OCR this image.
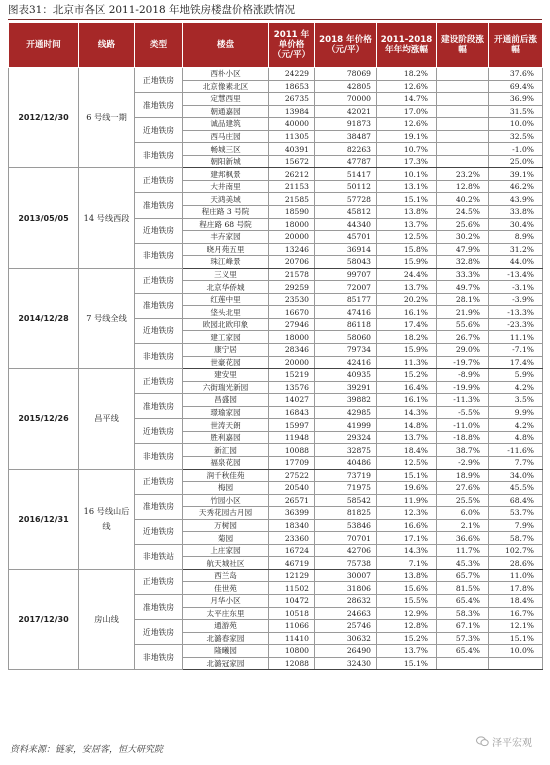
图表31：北京市各区 2011-2018 年地铁房楼盘价格涨跌情况
开通时间	线路	类型	楼盘	2011 年单价格（元/平）	2018 年价格（元/平）	2011-2018 年年均涨幅	建设阶段涨幅	开通前后涨幅
2012/12/30	6 号线一期	正地铁房	西朴小区	24229	78069	18.2%		37.6%
			北京像素北区	18653	42805	12.6%		69.4%
		准地铁房	定慧西里	26735	70000	14.7%		36.9%
			朝通嘉园	13984	42021	17.0%		31.5%
		近地铁房	诚品建筑	40000	91873	12.6%		10.0%
			西马庄园	11305	38487	19.1%		32.5%
		非地铁房	畅城三区	40391	82263	10.7%		-1.0%
			朝阳新城	15672	47787	17.3%		25.0%
2013/05/05	14 号线西段	正地铁房	建邦枫景	26212	51417	10.1%	23.2%	39.1%
			大井南里	21153	50112	13.1%	12.8%	46.2%
		准地铁房	天鸿美域	21585	57728	15.1%	40.2%	43.9%
			程庄路 3 号院	18590	45812	13.8%	24.5%	33.8%
		近地铁房	程庄路 68 号院	18000	44340	13.7%	25.6%	30.4%
			丰卉家园	20000	45701	12.5%	30.2%	8.9%
		非地铁房	晓月苑五里	13246	36914	15.8%	47.9%	31.2%
			珠江峰景	20706	58043	15.9%	32.8%	44.0%
2014/12/28	7 号线全线	正地铁房	三义里	21578	99707	24.4%	33.3%	-13.4%
			北京华侨城	29259	72007	13.7%	49.7%	-3.1%
		准地铁房	红莲中里	23530	85177	20.2%	28.1%	-3.9%
			垡头北里	16670	47416	16.1%	21.9%	-13.3%
		近地铁房	欧园北欧印象	27946	86118	17.4%	55.6%	-23.3%
			建工家园	18000	58060	18.2%	26.7%	11.1%
		非地铁房	康宁居	28346	79734	15.9%	29.0%	-7.1%
			世豪花园	20000	42416	11.3%	-19.7%	17.4%
2015/12/26	昌平线	正地铁房	建安里	15219	40935	15.2%	-8.9%	5.9%
			六街瑞光新园	13576	39291	16.4%	-19.9%	4.2%
		准地铁房	昌盛园	14027	39882	16.1%	-11.3%	3.5%
			璟瑜家园	16843	42985	14.3%	-5.5%	9.9%
		近地铁房	世涛天朗	15997	41999	14.8%	-11.0%	4.2%
			胜利嘉园	11948	29324	13.7%	-18.8%	4.8%
		非地铁房	新汇园	10088	32875	18.4%	38.7%	-11.6%
			福泉花园	17709	40486	12.5%	-2.9%	7.7%
2016/12/31	16 号线山后线	正地铁房	润千秋佳苑	27522	73719	15.1%	18.9%	34.0%
			梅园	20540	71975	19.6%	27.6%	45.5%
		准地铁房	竹园小区	26571	58542	11.9%	25.5%	68.4%
			天秀花园古月园	36399	81825	12.3%	6.0%	53.7%
		近地铁房	万树园	18340	53846	16.6%	2.1%	7.9%
			菊园	23360	70701	17.1%	36.6%	58.7%
		非地铁站	上庄家园	16724	42706	14.3%	11.7%	102.7%
			航天城社区	46719	75738	7.1%	45.3%	28.6%
2017/12/30	房山线	正地铁房	西兰岛	12129	30007	13.8%	65.7%	11.0%
			佳世苑	11502	31806	15.6%	81.5%	17.8%
		准地铁房	月华小区	10472	28632	15.5%	65.4%	18.4%
			太平庄东里	10518	24663	12.9%	58.3%	16.7%
		近地铁房	通游苑	11066	25746	12.8%	67.1%	12.1%
			北潞春家园	11410	30632	15.2%	57.3%	15.1%
		非地铁房	隆曦园	10800	26490	13.7%	65.4%	10.0%
			北潞冠家园	12088	32430	15.1%		
资料来源：链家，安居客，恒大研究院
泽平宏观
